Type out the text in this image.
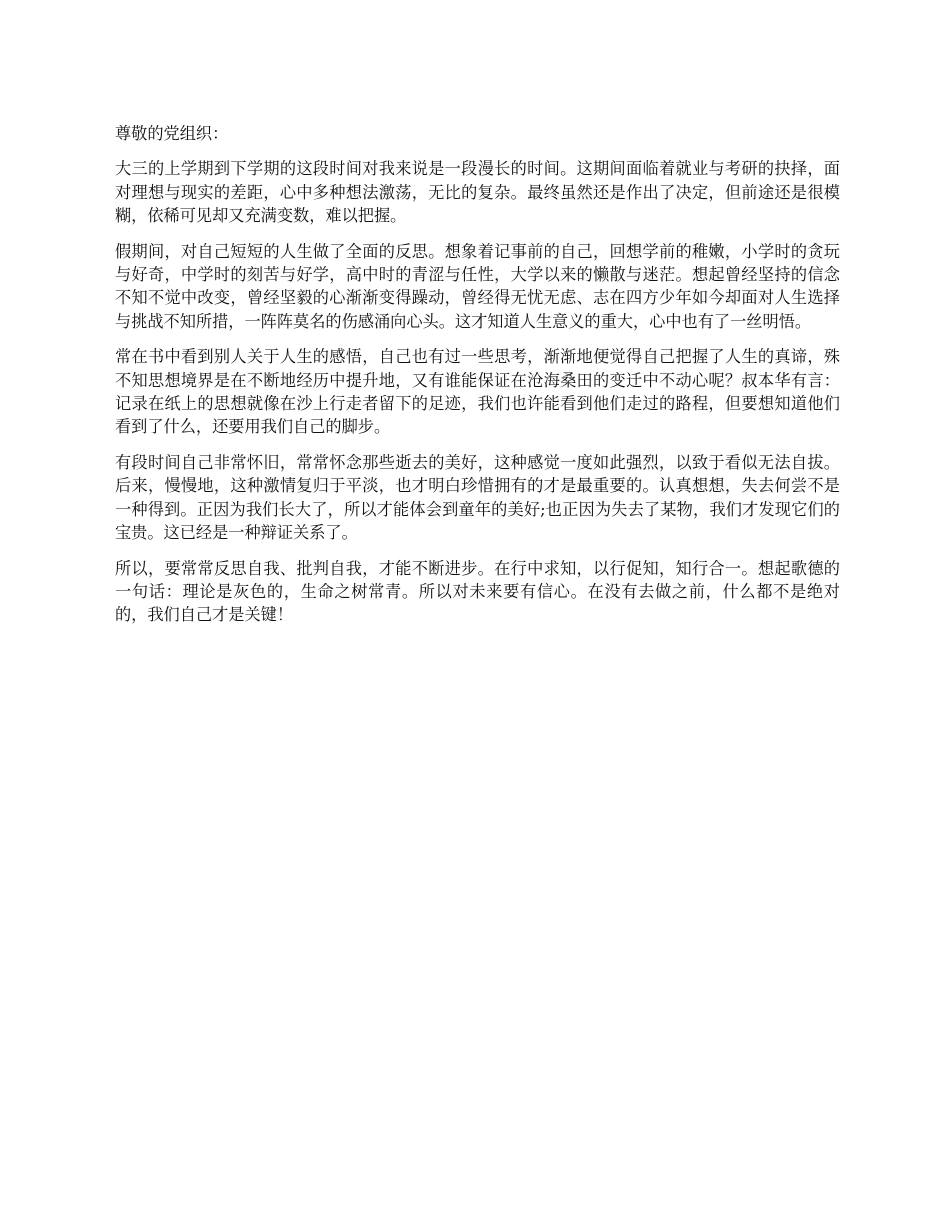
尊敬的党组织：

大三的上学期到下学期的这段时间对我来说是一段漫长的时间。这期间面临着就业与考研的抉择，面对理想与现实的差距，心中多种想法激荡，无比的复杂。最终虽然还是作出了决定，但前途还是很模糊，依稀可见却又充满变数，难以把握。

假期间，对自己短短的人生做了全面的反思。想象着记事前的自己，回想学前的稚嫩，小学时的贪玩与好奇，中学时的刻苦与好学，高中时的青涩与任性，大学以来的懒散与迷茫。想起曾经坚持的信念不知不觉中改变，曾经坚毅的心渐渐变得躁动，曾经得无忧无虑、志在四方少年如今却面对人生选择与挑战不知所措，一阵阵莫名的伤感涌向心头。这才知道人生意义的重大，心中也有了一丝明悟。

常在书中看到别人关于人生的感悟，自己也有过一些思考，渐渐地便觉得自己把握了人生的真谛，殊不知思想境界是在不断地经历中提升地，又有谁能保证在沧海桑田的变迁中不动心呢？叔本华有言：记录在纸上的思想就像在沙上行走者留下的足迹，我们也许能看到他们走过的路程，但要想知道他们看到了什么，还要用我们自己的脚步。

有段时间自己非常怀旧，常常怀念那些逝去的美好，这种感觉一度如此强烈，以致于看似无法自拔。后来，慢慢地，这种激情复归于平淡，也才明白珍惜拥有的才是最重要的。认真想想，失去何尝不是一种得到。正因为我们长大了，所以才能体会到童年的美好;也正因为失去了某物，我们才发现它们的宝贵。这已经是一种辩证关系了。

所以，要常常反思自我、批判自我，才能不断进步。在行中求知，以行促知，知行合一。想起歌德的一句话：理论是灰色的，生命之树常青。所以对未来要有信心。在没有去做之前，什么都不是绝对的，我们自己才是关键！
